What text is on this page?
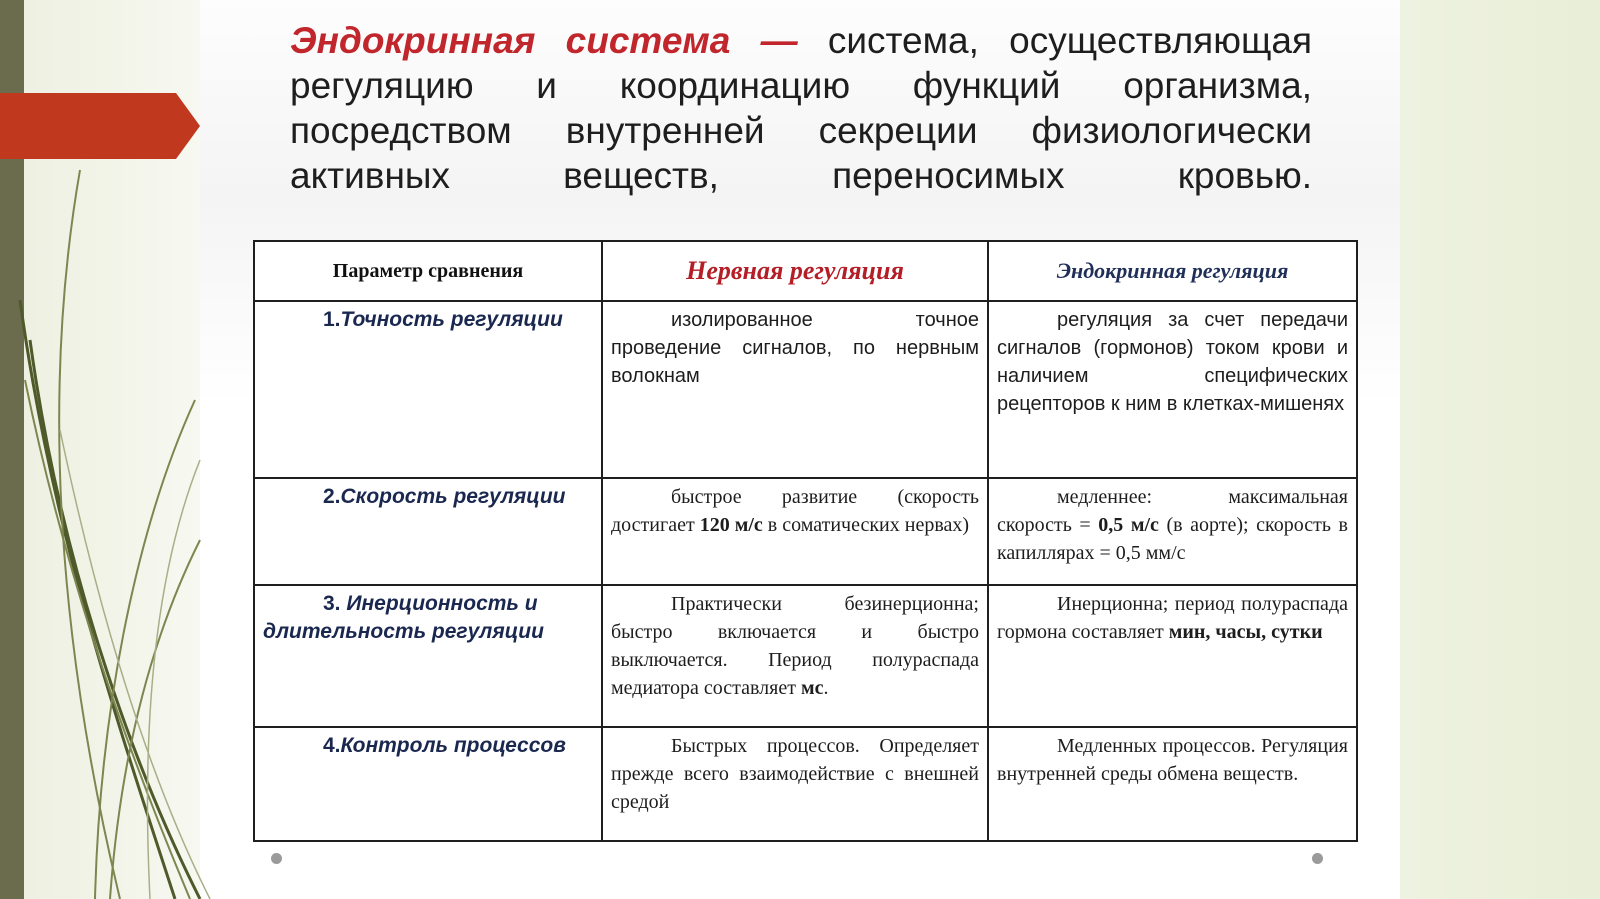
Эндокринная система — система, осуществляющая регуляцию и координацию функций организма, посредством внутренней секреции физиологически активных веществ, переносимых кровью.

Параметр сравнения	Нервная регуляция	Эндокринная регуляция

1.Точность регуляции	изолированное точное проведение сигналов, по нервным волокнам	регуляция за счет передачи сигналов (гормонов) током крови и наличием специфических рецепторов к ним в клетках-мишенях

2.Скорость регуляции	быстрое развитие (скорость достигает 120 м/с в соматических нервах)	медленнее: максимальная скорость = 0,5 м/с (в аорте); скорость в капиллярах = 0,5 мм/с

3. Инерционность и
длительность регуляции	Практически безинерционна; быстро включается и быстро выключается. Период полураспада медиатора составляет мс.	Инерционна; период полураспада гормона составляет мин, часы, сутки

4.Контроль процессов	Быстрых процессов. Определяет прежде всего взаимодействие с внешней средой	Медленных процессов. Регуляция внутренней среды обмена веществ.
